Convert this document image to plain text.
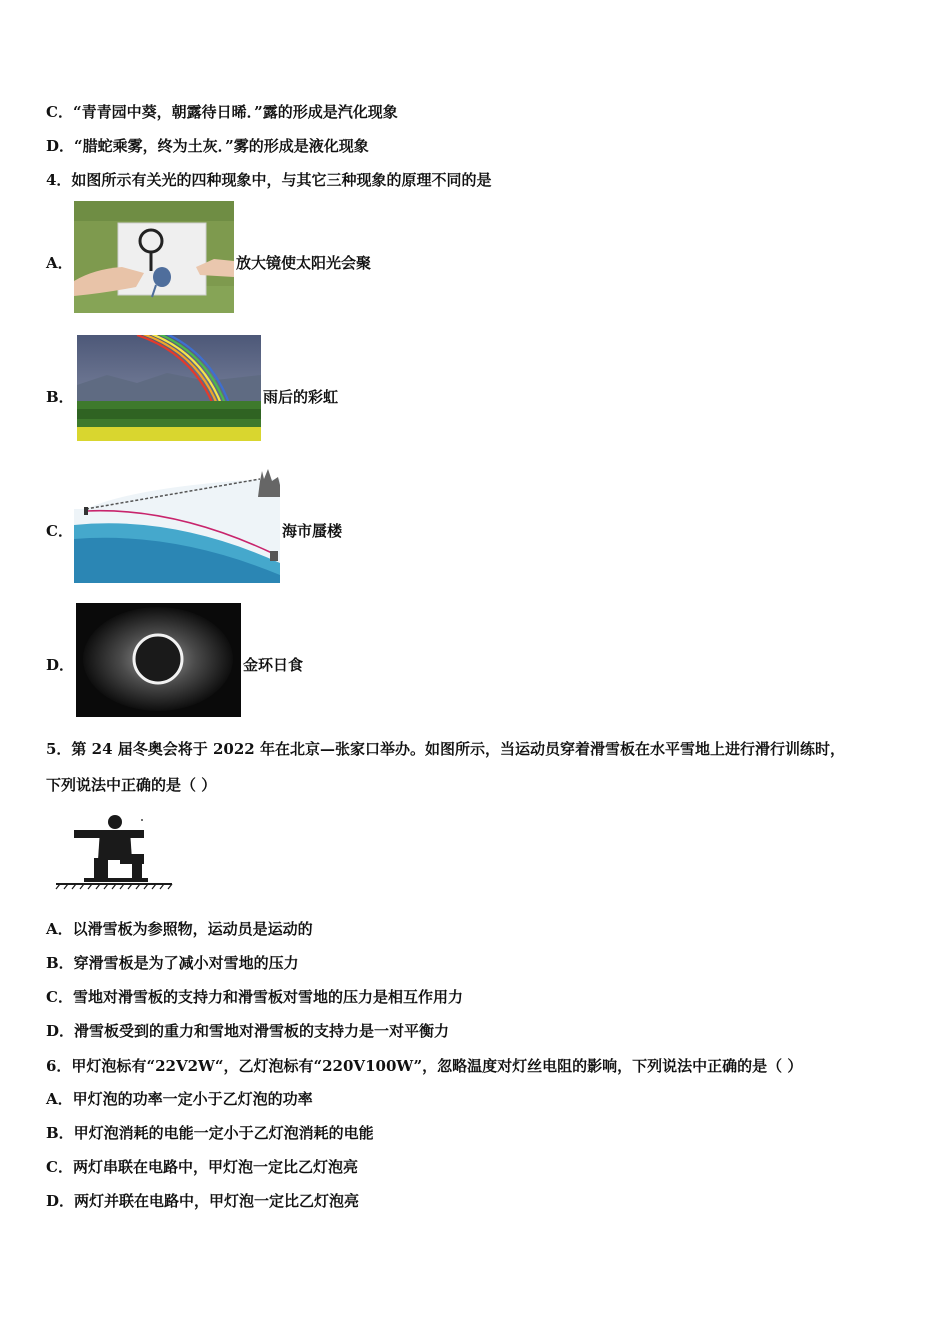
C．“青青园中葵，朝露待日晞．”露的形成是汽化现象
D．“腊蛇乘雾，终为土灰．”雾的形成是液化现象
4．如图所示有关光的四种现象中，与其它三种现象的原理不同的是
A．	放大镜使太阳光会聚
B．	雨后的彩虹
C．	海市蜃楼
D．	金环日食
5．第 24 届冬奥会将于 2022 年在北京—张家口举办。如图所示，当运动员穿着滑雪板在水平雪地上进行滑行训练时，
下列说法中正确的是（ ）
A．以滑雪板为参照物，运动员是运动的
B．穿滑雪板是为了减小对雪地的压力
C．雪地对滑雪板的支持力和滑雪板对雪地的压力是相互作用力
D．滑雪板受到的重力和雪地对滑雪板的支持力是一对平衡力
6．甲灯泡标有“22V2W“，乙灯泡标有“220V100W”，忽略温度对灯丝电阻的影响，下列说法中正确的是（ ）
A．甲灯泡的功率一定小于乙灯泡的功率
B．甲灯泡消耗的电能一定小于乙灯泡消耗的电能
C．两灯串联在电路中，甲灯泡一定比乙灯泡亮
D．两灯并联在电路中，甲灯泡一定比乙灯泡亮
